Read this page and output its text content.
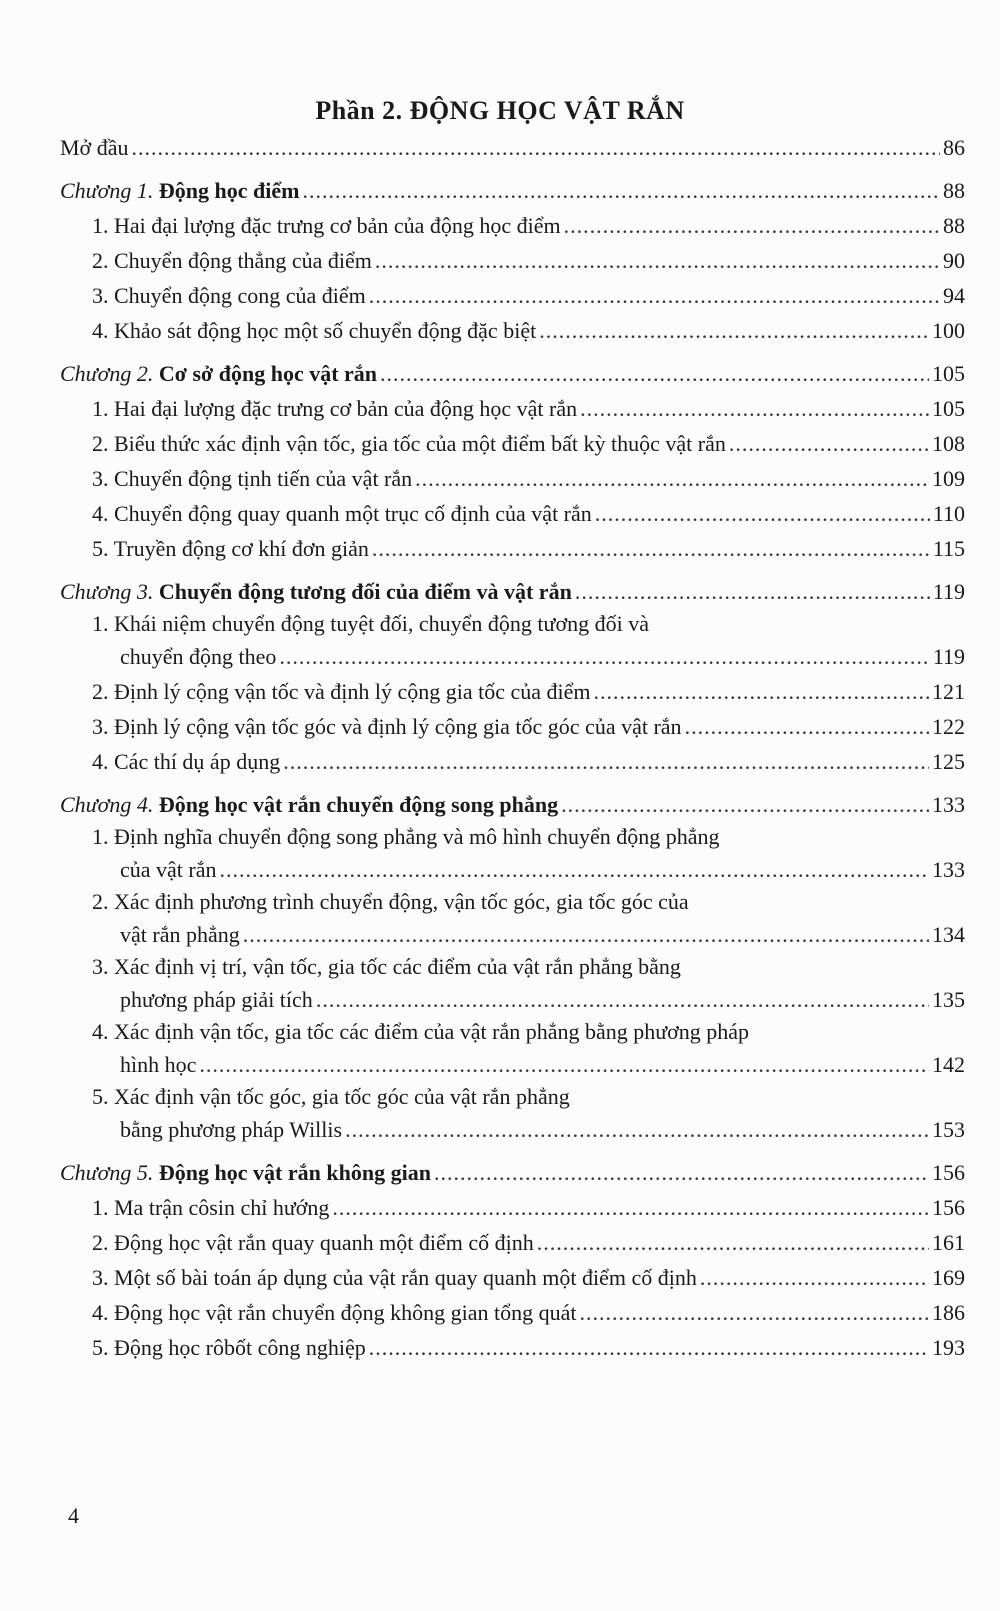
Phần 2. ĐỘNG HỌC VẬT RẮN
Mở đầu .....	86
Chương 1. Động học điểm .....	88
1. Hai đại lượng đặc trưng cơ bản của động học điểm .....	88
2. Chuyển động thẳng của điểm .....	90
3. Chuyển động cong của điểm .....	94
4. Khảo sát động học một số chuyển động đặc biệt .....	100
Chương 2. Cơ sở động học vật rắn .....	105
1. Hai đại lượng đặc trưng cơ bản của động học vật rắn .....	105
2. Biểu thức xác định vận tốc, gia tốc của một điểm bất kỳ thuộc vật rắn .....	108
3. Chuyển động tịnh tiến của vật rắn .....	109
4. Chuyển động quay quanh một trục cố định của vật rắn .....	110
5. Truyền động cơ khí đơn giản .....	115
Chương 3. Chuyển động tương đối của điểm và vật rắn .....	119
1. Khái niệm chuyển động tuyệt đối, chuyển động tương đối và
chuyển động theo .....	119
2. Định lý cộng vận tốc và định lý cộng gia tốc của điểm .....	121
3. Định lý cộng vận tốc góc và định lý cộng gia tốc góc của vật rắn .....	122
4. Các thí dụ áp dụng .....	125
Chương 4. Động học vật rắn chuyển động song phẳng .....	133
1. Định nghĩa chuyển động song phẳng và mô hình chuyển động phẳng
của vật rắn .....	133
2. Xác định phương trình chuyển động, vận tốc góc, gia tốc góc của
vật rắn phẳng .....	134
3. Xác định vị trí, vận tốc, gia tốc các điểm của vật rắn phẳng bằng
phương pháp giải tích .....	135
4. Xác định vận tốc, gia tốc các điểm của vật rắn phẳng bằng phương pháp
hình học .....	142
5. Xác định vận tốc góc, gia tốc góc của vật rắn phẳng
bằng phương pháp Willis .....	153
Chương 5. Động học vật rắn không gian .....	156
1. Ma trận côsin chỉ hướng .....	156
2. Động học vật rắn quay quanh một điểm cố định .....	161
3. Một số bài toán áp dụng của vật rắn quay quanh một điểm cố định .....	169
4. Động học vật rắn chuyển động không gian tổng quát .....	186
5. Động học rôbốt công nghiệp .....	193
4
